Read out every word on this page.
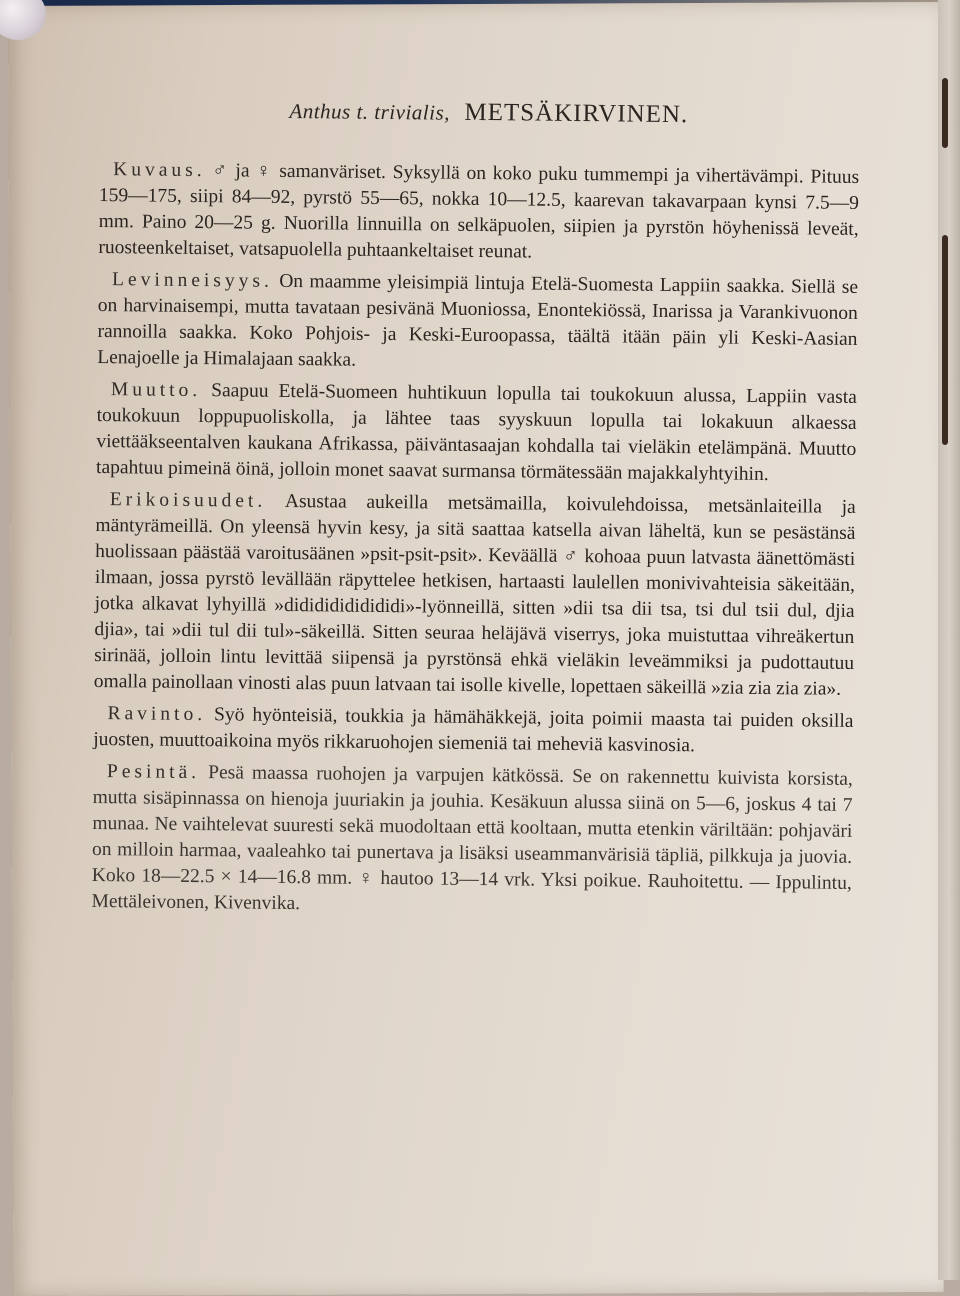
Anthus t. trivialis, METSÄKIRVINEN.

Kuvaus. ♂ ja ♀ samanväriset. Syksyllä on koko puku tummempi ja vihertävämpi. Pituus 159—175, siipi 84—92, pyrstö 55—65, nokka 10—12.5, kaarevan takavarpaan kynsi 7.5—9 mm. Paino 20—25 g. Nuorilla linnuilla on selkäpuolen, siipien ja pyrstön höyhenissä leveät, ruosteenkeltaiset, vatsapuolella puhtaankeltaiset reunat.

Levinneisyys. On maamme yleisimpiä lintuja Etelä-Suomesta Lappiin saakka. Siellä se on harvinaisempi, mutta tavataan pesivänä Muoniossa, Enontekiössä, Inarissa ja Varankivuonon rannoilla saakka. Koko Pohjois- ja Keski-Euroopassa, täältä itään päin yli Keski-Aasian Lenajoelle ja Himalajaan saakka.

Muutto. Saapuu Etelä-Suomeen huhtikuun lopulla tai toukokuun alussa, Lappiin vasta toukokuun loppupuoliskolla, ja lähtee taas syyskuun lopulla tai lokakuun alkaessa viettääkseentalven kaukana Afrikassa, päiväntasaajan kohdalla tai vieläkin etelämpänä. Muutto tapahtuu pimeinä öinä, jolloin monet saavat surmansa törmätessään majakkalyhtyihin.

Erikoisuudet. Asustaa aukeilla metsämailla, koivulehdoissa, metsänlaiteilla ja mäntyrämeillä. On yleensä hyvin kesy, ja sitä saattaa katsella aivan läheltä, kun se pesästänsä huolissaan päästää varoitusäänen »psit-psit-psit». Keväällä ♂ kohoaa puun latvasta äänettömästi ilmaan, jossa pyrstö levällään räpyttelee hetkisen, hartaasti laulellen monivivahteisia säkeitään, jotka alkavat lyhyillä »didididididididi»-lyönneillä, sitten »dii tsa dii tsa, tsi dul tsii dul, djia djia», tai »dii tul dii tul»-säkeillä. Sitten seuraa heläjävä viserrys, joka muistuttaa vihreäkertun sirinää, jolloin lintu levittää siipensä ja pyrstönsä ehkä vieläkin leveämmiksi ja pudottautuu omalla painollaan vinosti alas puun latvaan tai isolle kivelle, lopettaen säkeillä »zia zia zia zia».

Ravinto. Syö hyönteisiä, toukkia ja hämähäkkejä, joita poimii maasta tai puiden oksilla juosten, muuttoaikoina myös rikkaruohojen siemeniä tai meheviä kasvinosia.

Pesintä. Pesä maassa ruohojen ja varpujen kätkössä. Se on rakennettu kuivista korsista, mutta sisäpinnassa on hienoja juuriakin ja jouhia. Kesäkuun alussa siinä on 5—6, joskus 4 tai 7 munaa. Ne vaihtelevat suuresti sekä muodoltaan että kooltaan, mutta etenkin väriltään: pohjaväri on milloin harmaa, vaaleahko tai punertava ja lisäksi useammanvärisiä täpliä, pilkkuja ja juovia. Koko 18—22.5 × 14—16.8 mm. ♀ hautoo 13—14 vrk. Yksi poikue. Rauhoitettu. — Ippulintu, Mettäleivonen, Kivenvika.
